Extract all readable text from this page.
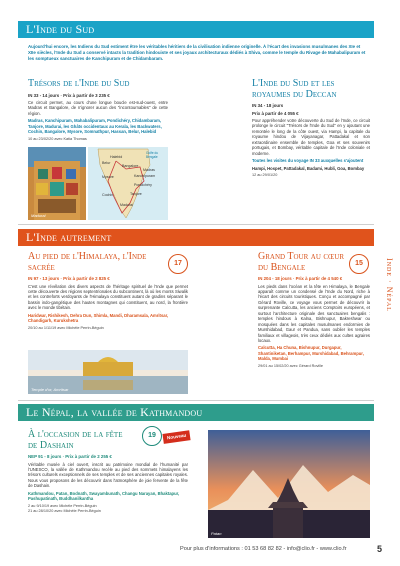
L'Inde du Sud
Aujourd'hui encore, les Indiens du Sud estiment être les véritables héritiers de la civilisation indienne originelle. À l'écart des invasions musulmanes des XIe et XIIe siècles, l'Inde du Sud a conservé intacts la tradition hindouiste et ses joyaux architecturaux dédiés à Shiva, comme le temple du Rivage de Mahabalipuram et les somptueux sanctuaires de Kanchipuram et de Chidambaram.
Trésors de l'Inde du Sud
IN 33 - 14 jours · Prix à partir de 3 235 €
Ce circuit permet, au cours d'une longue boucle est-sud-ouest, entre Madras et Bangalore, de n'ignorer aucun des "incontournables" de cette région.
Madras, Kanchipuram, Mahabalipuram, Pondichéry, Chidambaram, Tanjore, Madurai, les Ghâts occidentaux au Kerala, les Backwaters, Cochin, Bangalore, Mysore, Somnathpur, Hassan, Belur, Halebid
10 au 23/02/20 avec Katia Thomas
Madurai
Halebid
Belur
Bangalore
Kanchipuram
Madras
Mysore
Pondichéry
Tanjore
Cochin
Madurai
Golfe du Bengale
L'Inde du Sud et les royaumes du Deccan
IN 34 - 18 jours
Prix à partir de 4 055 €
Pour appréhender votre découverte du Sud de l'Inde, ce circuit prolonge le circuit "Trésors de l'Inde du Sud" en y ajoutant une remontée le long de la côte ouest, via Hampi, la capitale du royaume hindou de Vijayanagar, Pattadakal et son extraordinaire ensemble de temples, Goa et ses souvenirs portugais, et Bombay, véritable capitale de l'Inde coloniale et moderne.
Toutes les visites du voyage IN 33 auxquelles s'ajoutent
Hampi, Hospet, Pattadakal, Badami, Hubli, Goa, Bombay
12 au 29/01/20
L'Inde autrement
Au pied de l'Himalaya, l'Inde sacrée
IN 97 - 13 jours · Prix à partir de 2 825 €
C'est une révélation des divers aspects de l'héritage spirituel de l'Inde que permet cette découverte des régions septentrionales du subcontinent, là où les monts Siwalik et les contreforts verdoyants de l'Himalaya constituent autant de gradins séparant le bassin indo-gangétique des hautes montagnes qui constituent, au nord, la frontière avec le monde tibétain.
Haridwar, Rishikesh, Dehra Dun, Shimla, Mandi, Dharamsala, Amritsar, Chandigarh, Kurukshetra
20/10 au 1/11/19 avec Michèle Perrin-Béguin
17
Temple d'or, Amritsar
Grand Tour au cœur du Bengale
IN 204 - 18 jours · Prix à partir de 4 540 €
Les pieds dans l'océan et la tête en Himalaya, le Bengale apparaît comme un condensé de l'Inde du Nord, riche à l'écart des circuits touristiques. Conçu et accompagné par Gérard Roville, ce voyage vous permet de découvrir la surprenante Calcutta, les anciens Comptoirs européens, et surtout l'architecture originale des sanctuaires bengalis : temples hindous à Kalna, Bishnupur, Bakreshwar ou mosquées dans les capitales musulmanes endormies de Murshidabad, Gaur et Pandua, sans oublier les temples familiaux et villageois, très ceux dédiés aux cultes agraires locaux.
Calcutta, Ha Chuna, Bishnupur, Durgapur, Shantiniketan, Berhampur, Murshidabad, Behrampur, Malda, Mumbai
29/01 au 15/02/20 avec Gérard Roville
15	Inde · Népal
Le Népal, la vallée de Kathmandou
À l'occasion de la fête de Dashain
NEP 91 - 8 jours · Prix à partir de 2 255 €
Véritable musée à ciel ouvert, inscrit au patrimoine mondial de l'humanité par l'UNESCO, la vallée de Kathmandou recèle au pied des sommets himalayens les trésors culturels exceptionnels de ses temples et de ses anciennes capitales royales. Nous vous proposons de les découvrir dans l'atmosphère de joie fervente de la fête de Dashain.
Kathmandou, Patan, Bodnath, Swayambunath, Changu Narayan, Bhaktapur, Pashupatinath, Buddhanilkantha
2 au 9/10/19 avec Michèle Perrin-Béguin
21 au 28/10/20 avec Michèle Perrin-Béguin
19	Nouveau
Patan
Pour plus d'informations : 01 53 68 82 82 - info@clio.fr - www.clio.fr	5
